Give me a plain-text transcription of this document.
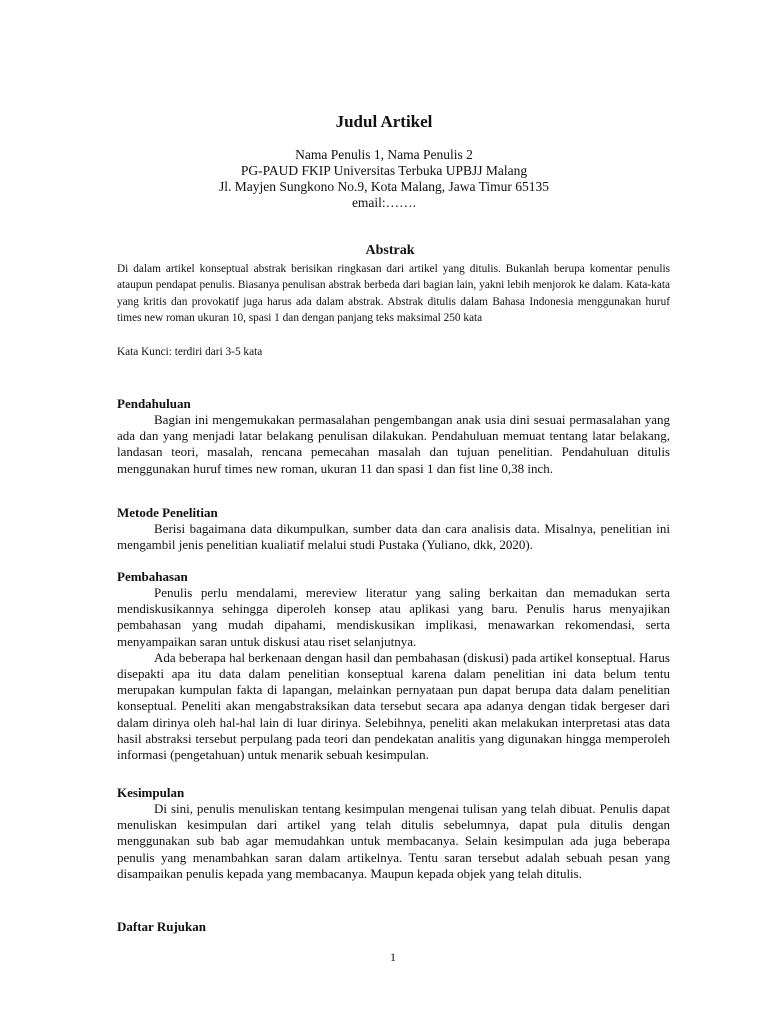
Judul Artikel
Nama Penulis 1, Nama Penulis 2
PG-PAUD FKIP Universitas Terbuka UPBJJ Malang
Jl. Mayjen Sungkono No.9, Kota Malang, Jawa Timur 65135
email:…….
Abstrak

Di dalam artikel konseptual abstrak berisikan ringkasan dari artikel yang ditulis. Bukanlah berupa komentar penulis ataupun pendapat penulis. Biasanya penulisan abstrak berbeda dari bagian lain, yakni lebih menjorok ke dalam. Kata-kata yang kritis dan provokatif juga harus ada dalam abstrak. Abstrak ditulis dalam Bahasa Indonesia menggunakan huruf times new roman ukuran 10, spasi 1 dan dengan panjang teks maksimal 250 kata

Kata Kunci: terdiri dari 3-5 kata

Pendahuluan

Bagian ini mengemukakan permasalahan pengembangan anak usia dini sesuai permasalahan yang ada dan yang menjadi latar belakang penulisan dilakukan. Pendahuluan memuat tentang latar belakang, landasan teori, masalah, rencana pemecahan masalah dan tujuan penelitian. Pendahuluan ditulis menggunakan huruf times new roman, ukuran 11 dan spasi 1 dan fist line 0,38 inch.

Metode Penelitian

Berisi bagaimana data dikumpulkan, sumber data dan cara analisis data. Misalnya, penelitian ini mengambil jenis penelitian kualiatif melalui studi Pustaka (Yuliano, dkk, 2020).

Pembahasan

Penulis perlu mendalami, mereview literatur yang saling berkaitan dan memadukan serta mendiskusikannya sehingga diperoleh konsep atau aplikasi yang baru. Penulis harus menyajikan pembahasan yang mudah dipahami, mendiskusikan implikasi, menawarkan rekomendasi, serta menyampaikan saran untuk diskusi atau riset selanjutnya.

Ada beberapa hal berkenaan dengan hasil dan pembahasan (diskusi) pada artikel konseptual. Harus disepakti apa itu data dalam penelitian konseptual karena dalam penelitian ini data belum tentu merupakan kumpulan fakta di lapangan, melainkan pernyataan pun dapat berupa data dalam penelitian konseptual. Peneliti akan mengabstraksikan data tersebut secara apa adanya dengan tidak bergeser dari dalam dirinya oleh hal-hal lain di luar dirinya. Selebihnya, peneliti akan melakukan interpretasi atas data hasil abstraksi tersebut perpulang pada teori dan pendekatan analitis yang digunakan hingga memperoleh informasi (pengetahuan) untuk menarik sebuah kesimpulan.

Kesimpulan

Di sini, penulis menuliskan tentang kesimpulan mengenai tulisan yang telah dibuat. Penulis dapat menuliskan kesimpulan dari artikel yang telah ditulis sebelumnya, dapat pula ditulis dengan menggunakan sub bab agar memudahkan untuk membacanya. Selain kesimpulan ada juga beberapa penulis yang menambahkan saran dalam artikelnya. Tentu saran tersebut adalah sebuah pesan yang disampaikan penulis kepada yang membacanya. Maupun kepada objek yang telah ditulis.

Daftar Rujukan
1
